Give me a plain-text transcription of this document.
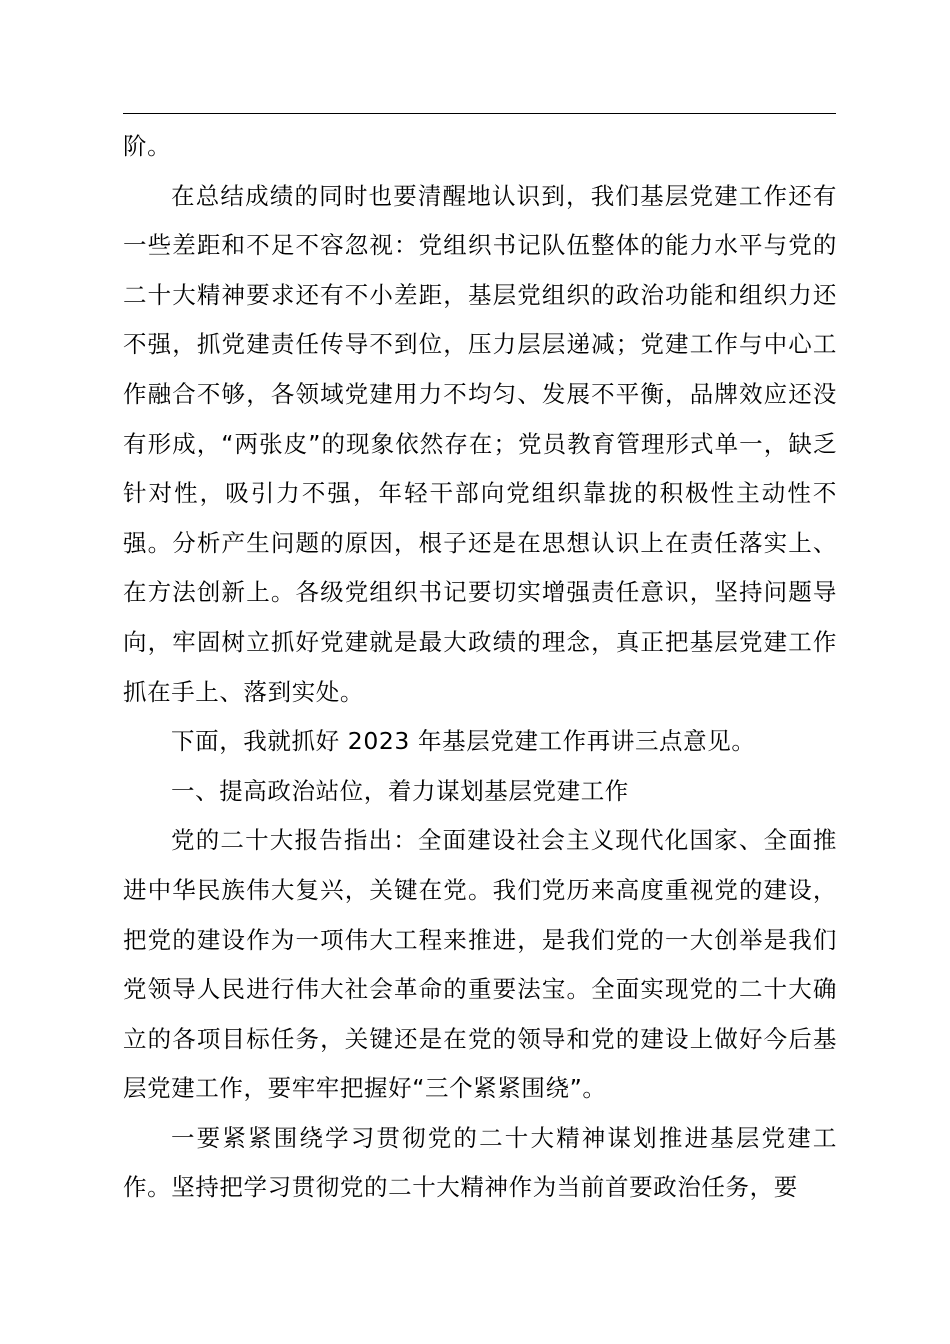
阶。

在总结成绩的同时也要清醒地认识到，我们基层党建工作还有一些差距和不足不容忽视：党组织书记队伍整体的能力水平与党的二十大精神要求还有不小差距，基层党组织的政治功能和组织力还不强，抓党建责任传导不到位，压力层层递减；党建工作与中心工作融合不够，各领域党建用力不均匀、发展不平衡，品牌效应还没有形成，“两张皮”的现象依然存在；党员教育管理形式单一，缺乏针对性，吸引力不强，年轻干部向党组织靠拢的积极性主动性不强。分析产生问题的原因，根子还是在思想认识上在责任落实上、在方法创新上。各级党组织书记要切实增强责任意识，坚持问题导向，牢固树立抓好党建就是最大政绩的理念，真正把基层党建工作抓在手上、落到实处。

下面，我就抓好 2023 年基层党建工作再讲三点意见。

一、提高政治站位，着力谋划基层党建工作

党的二十大报告指出：全面建设社会主义现代化国家、全面推进中华民族伟大复兴，关键在党。我们党历来高度重视党的建设，把党的建设作为一项伟大工程来推进，是我们党的一大创举是我们党领导人民进行伟大社会革命的重要法宝。全面实现党的二十大确立的各项目标任务，关键还是在党的领导和党的建设上做好今后基层党建工作，要牢牢把握好“三个紧紧围绕”。

一要紧紧围绕学习贯彻党的二十大精神谋划推进基层党建工作。坚持把学习贯彻党的二十大精神作为当前首要政治任务，要
